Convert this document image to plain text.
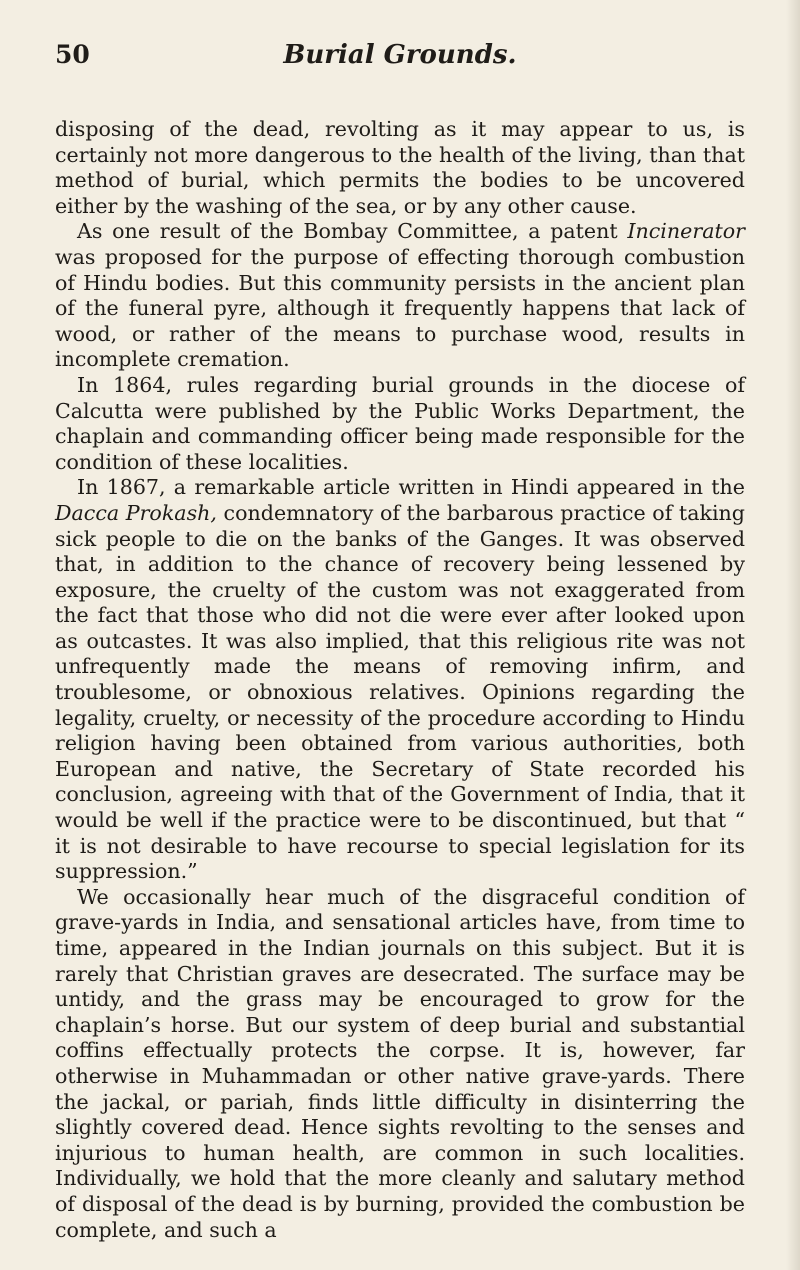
50	Burial Grounds.

disposing of the dead, revolting as it may appear to us, is certainly not more dangerous to the health of the living, than that method of burial, which permits the bodies to be uncovered either by the washing of the sea, or by any other cause.

As one result of the Bombay Committee, a patent Incinerator was proposed for the purpose of effecting thorough combustion of Hindu bodies. But this community persists in the ancient plan of the funeral pyre, although it frequently happens that lack of wood, or rather of the means to purchase wood, results in incomplete cremation.

In 1864, rules regarding burial grounds in the diocese of Calcutta were published by the Public Works Department, the chaplain and commanding officer being made responsible for the condition of these localities.

In 1867, a remarkable article written in Hindi appeared in the Dacca Prokash, condemnatory of the barbarous practice of taking sick people to die on the banks of the Ganges. It was observed that, in addition to the chance of recovery being lessened by exposure, the cruelty of the custom was not exaggerated from the fact that those who did not die were ever after looked upon as outcastes. It was also implied, that this religious rite was not unfrequently made the means of removing infirm, and troublesome, or obnoxious relatives. Opinions regarding the legality, cruelty, or necessity of the procedure according to Hindu religion having been obtained from various authorities, both European and native, the Secretary of State recorded his conclusion, agreeing with that of the Government of India, that it would be well if the practice were to be discontinued, but that “ it is not desirable to have recourse to special legislation for its suppression.”

We occasionally hear much of the disgraceful condition of grave-yards in India, and sensational articles have, from time to time, appeared in the Indian journals on this subject. But it is rarely that Christian graves are desecrated. The surface may be untidy, and the grass may be encouraged to grow for the chaplain’s horse. But our system of deep burial and substantial coffins effectually protects the corpse. It is, however, far otherwise in Muhammadan or other native grave-yards. There the jackal, or pariah, finds little difficulty in disinterring the slightly covered dead. Hence sights revolting to the senses and injurious to human health, are common in such localities. Individually, we hold that the more cleanly and salutary method of disposal of the dead is by burning, provided the combustion be complete, and such a
